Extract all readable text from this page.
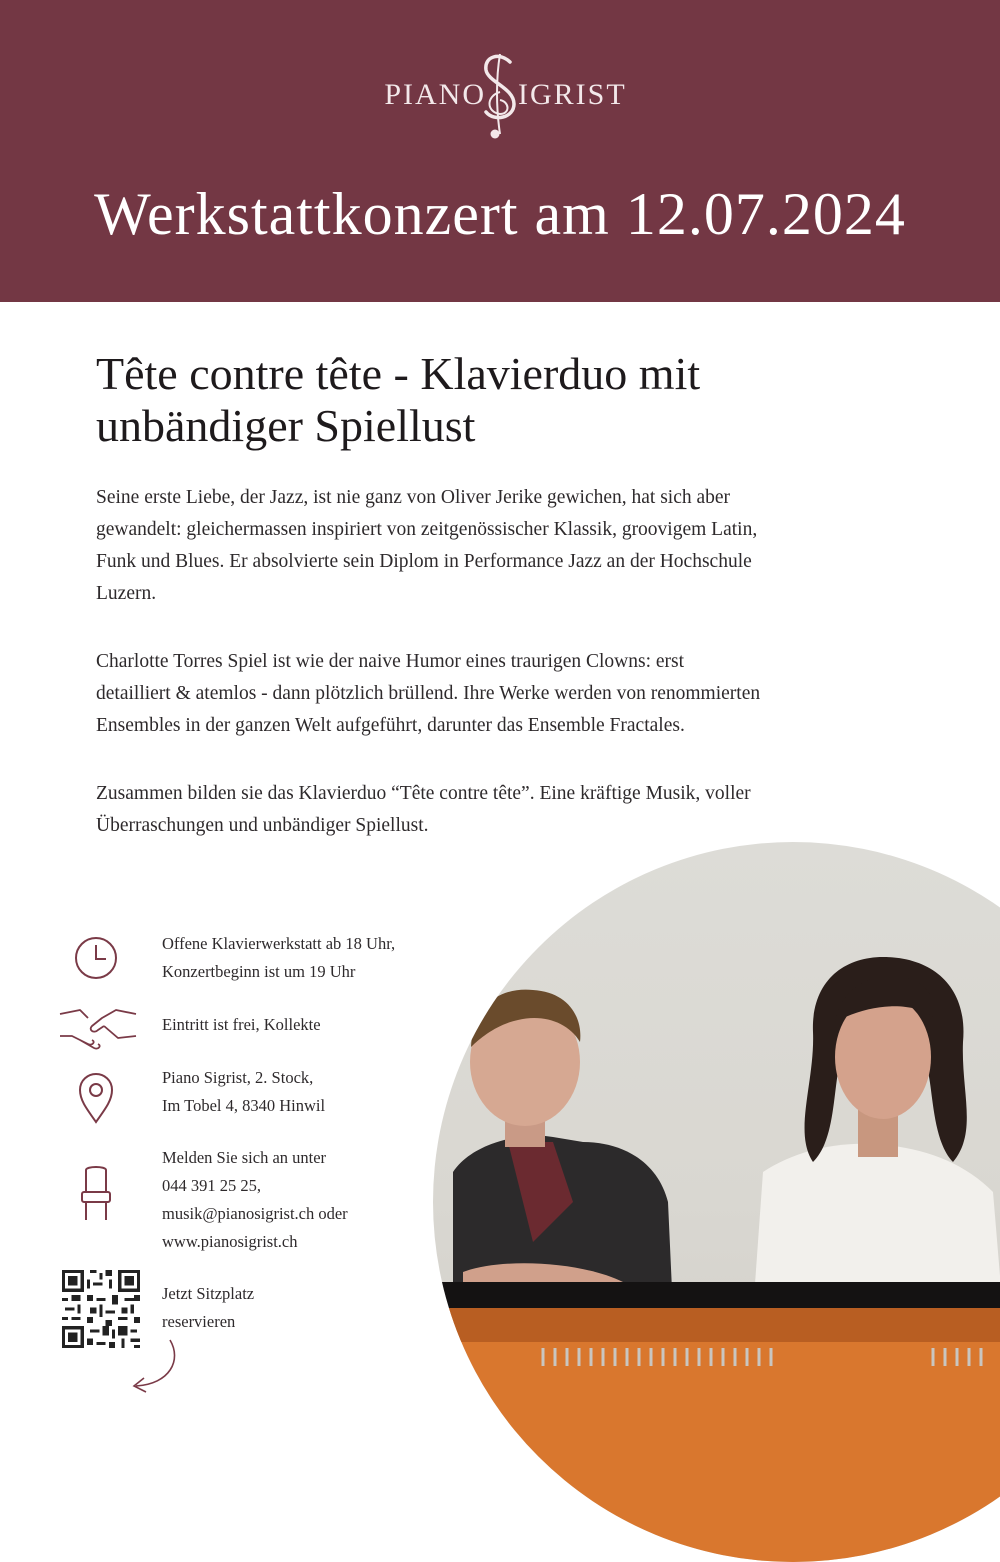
PIANO IGRIST
Werkstattkonzert am 12.07.2024
Tête contre tête - Klavierduo mit
unbändiger Spiellust

Seine erste Liebe, der Jazz, ist nie ganz von Oliver Jerike gewichen, hat sich aber
gewandelt: gleichermassen inspiriert von zeitgenössischer Klassik, groovigem Latin,
Funk und Blues. Er absolvierte sein Diplom in Performance Jazz an der Hochschule
Luzern.

Charlotte Torres Spiel ist wie der naive Humor eines traurigen Clowns: erst
detailliert & atemlos - dann plötzlich brüllend. Ihre Werke werden von renommierten
Ensembles in der ganzen Welt aufgeführt, darunter das Ensemble Fractales.

Zusammen bilden sie das Klavierduo “Tête contre tête”. Eine kräftige Musik, voller
Überraschungen und unbändiger Spiellust.

Offene Klavierwerkstatt ab 18 Uhr,
Konzertbeginn ist um 19 Uhr

Eintritt ist frei, Kollekte

Piano Sigrist, 2. Stock,
Im Tobel 4, 8340 Hinwil

Melden Sie sich an unter
044 391 25 25,
musik@pianosigrist.ch oder
www.pianosigrist.ch

Jetzt Sitzplatz
reservieren
